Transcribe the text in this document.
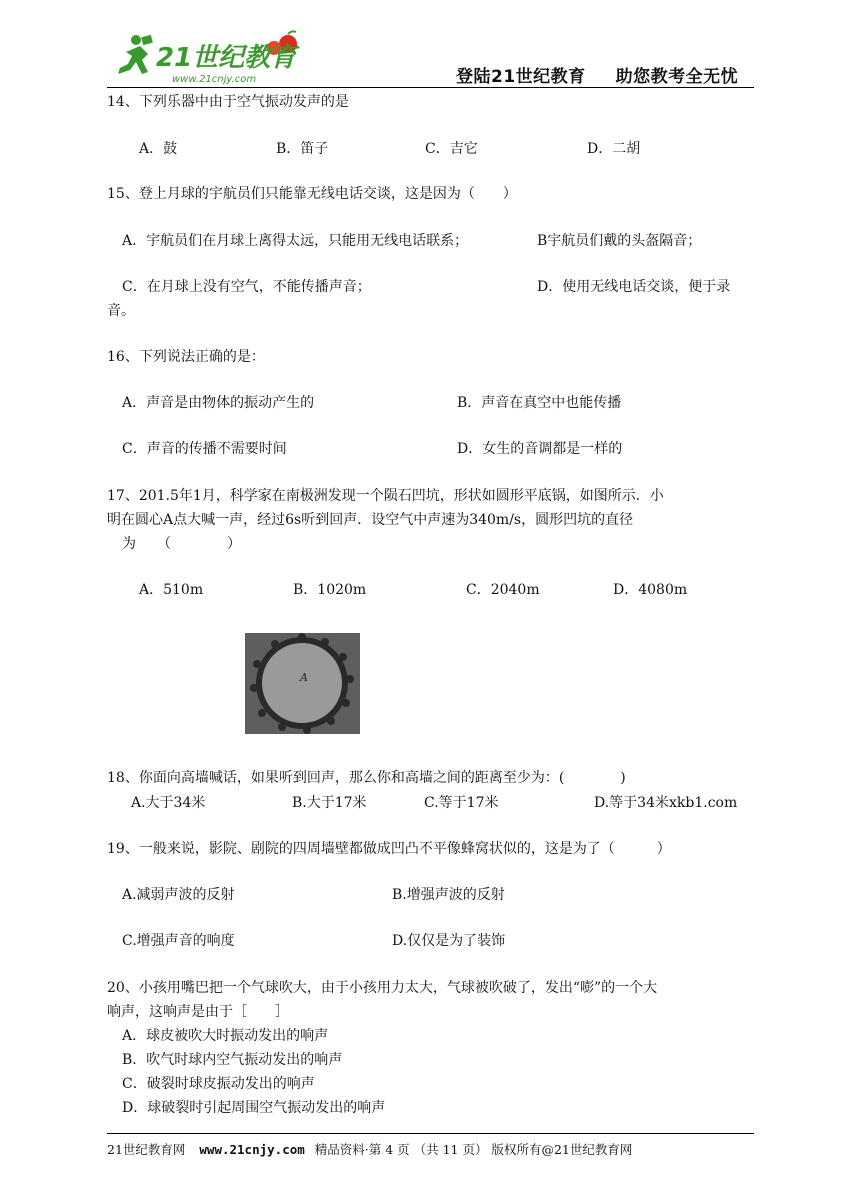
21世纪教育
www.21cnjy.com	登陆21世纪教育 助您教考全无忧
14、下列乐器中由于空气振动发声的是
A．鼓	B．笛子	C．吉它	D．二胡
15、登上月球的宇航员们只能靠无线电话交谈，这是因为（　　）
A．宇航员们在月球上离得太远，只能用无线电话联系；	B宇航员们戴的头盔隔音；
C．在月球上没有空气，不能传播声音；	D．使用无线电话交谈，便于录
音。
16、下列说法正确的是：
A．声音是由物体的振动产生的	B．声音在真空中也能传播
C．声音的传播不需要时间	D．女生的音调都是一样的
17、201.5年1月，科学家在南极洲发现一个陨石凹坑，形状如圆形平底锅，如图所示．小
明在圆心A点大喊一声，经过6s听到回声．设空气中声速为340m/s，圆形凹坑的直径
为　　（　　　　）
A．510m	B．1020m	C．2040m	D．4080m
A
18、你面向高墙喊话，如果听到回声，那么你和高墙之间的距离至少为：(　　　　)
A.大于34米	B.大于17米	C.等于17米	D.等于34米xkb1.com
19、一般来说，影院、剧院的四周墙壁都做成凹凸不平像蜂窝状似的，这是为了（　　　）
A.减弱声波的反射	B.增强声波的反射
C.增强声音的响度	D.仅仅是为了装饰
20、小孩用嘴巴把一个气球吹大，由于小孩用力太大，气球被吹破了，发出“嘭”的一个大
响声，这响声是由于［　　］
A．球皮被吹大时振动发出的响声
B．吹气时球内空气振动发出的响声
C．破裂时球皮振动发出的响声
D．球破裂时引起周围空气振动发出的响声
21世纪教育网 www.21cnjy.com 精品资料·第 4 页 （共 11 页） 版权所有@21世纪教育网
